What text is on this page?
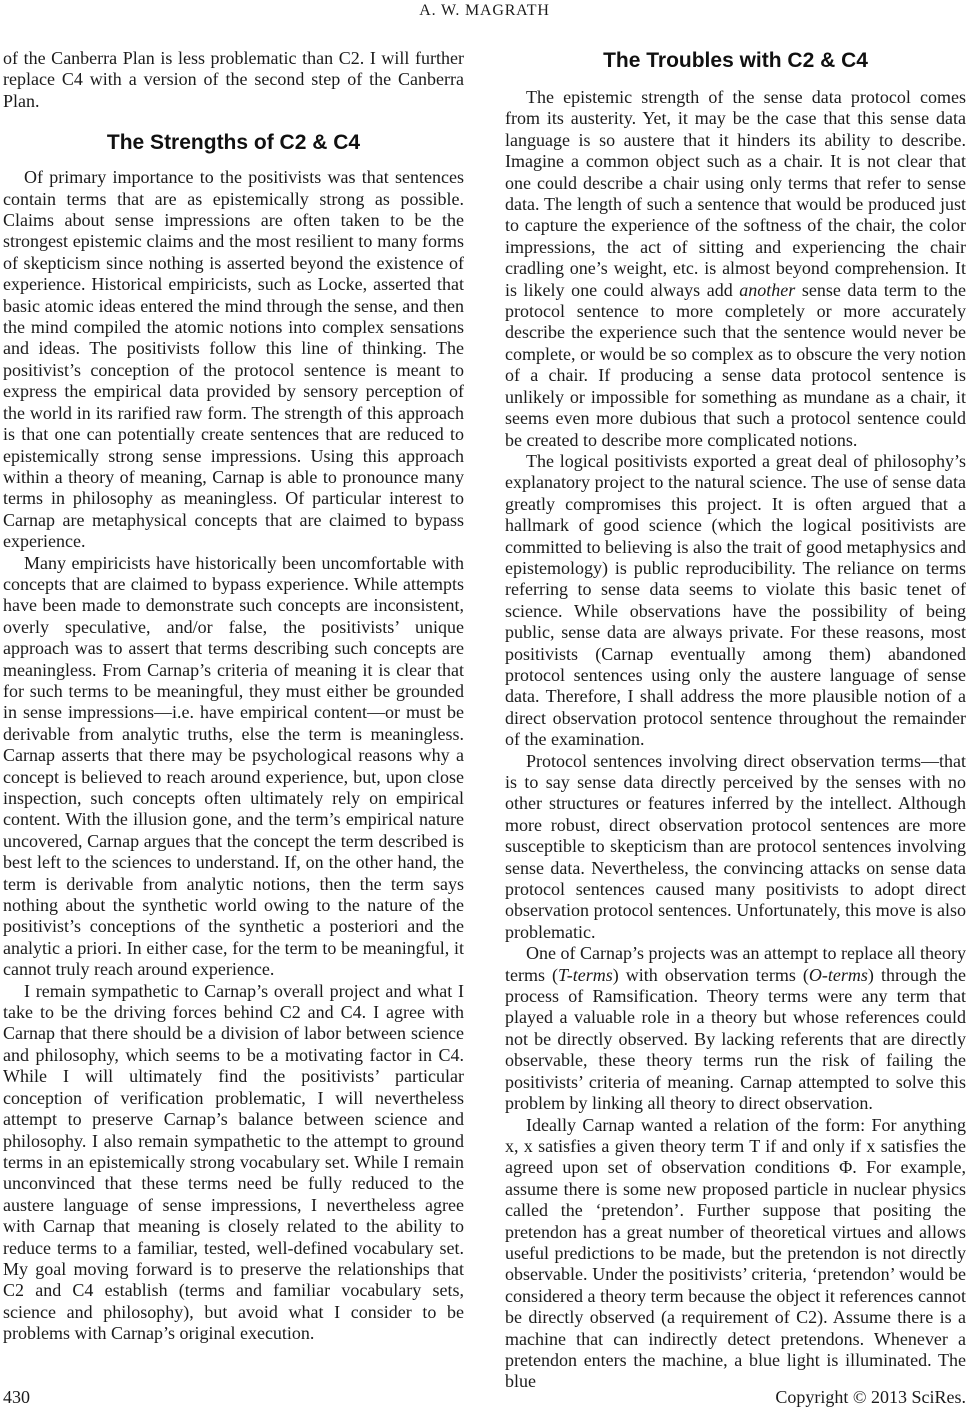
A. W. MAGRATH

of the Canberra Plan is less problematic than C2. I will further replace C4 with a version of the second step of the Canberra Plan.

The Strengths of C2 & C4

Of primary importance to the positivists was that sentences contain terms that are as epistemically strong as possible. Claims about sense impressions are often taken to be the strongest epistemic claims and the most resilient to many forms of skepticism since nothing is asserted beyond the existence of experience. Historical empiricists, such as Locke, asserted that basic atomic ideas entered the mind through the sense, and then the mind compiled the atomic notions into complex sensations and ideas. The positivists follow this line of thinking. The positivist’s conception of the protocol sentence is meant to express the empirical data provided by sensory perception of the world in its rarified raw form. The strength of this approach is that one can potentially create sentences that are reduced to epistemically strong sense impressions. Using this approach within a theory of meaning, Carnap is able to pronounce many terms in philosophy as meaningless. Of particular interest to Carnap are metaphysical concepts that are claimed to bypass experience.

Many empiricists have historically been uncomfortable with concepts that are claimed to bypass experience. While attempts have been made to demonstrate such concepts are inconsistent, overly speculative, and/or false, the positivists’ unique approach was to assert that terms describing such concepts are meaningless. From Carnap’s criteria of meaning it is clear that for such terms to be meaningful, they must either be grounded in sense impressions—i.e. have empirical content—or must be derivable from analytic truths, else the term is meaningless. Carnap asserts that there may be psychological reasons why a concept is believed to reach around experience, but, upon close inspection, such concepts often ultimately rely on empirical content. With the illusion gone, and the term’s empirical nature uncovered, Carnap argues that the concept the term described is best left to the sciences to understand. If, on the other hand, the term is derivable from analytic notions, then the term says nothing about the synthetic world owing to the nature of the positivist’s conceptions of the synthetic a posteriori and the analytic a priori. In either case, for the term to be meaningful, it cannot truly reach around experience.

I remain sympathetic to Carnap’s overall project and what I take to be the driving forces behind C2 and C4. I agree with Carnap that there should be a division of labor between science and philosophy, which seems to be a motivating factor in C4. While I will ultimately find the positivists’ particular conception of verification problematic, I will nevertheless attempt to preserve Carnap’s balance between science and philosophy. I also remain sympathetic to the attempt to ground terms in an epistemically strong vocabulary set. While I remain unconvinced that these terms need be fully reduced to the austere language of sense impressions, I nevertheless agree with Carnap that meaning is closely related to the ability to reduce terms to a familiar, tested, well-defined vocabulary set. My goal moving forward is to preserve the relationships that C2 and C4 establish (terms and familiar vocabulary sets, science and philosophy), but avoid what I consider to be problems with Carnap’s original execution.

The Troubles with C2 & C4

The epistemic strength of the sense data protocol comes from its austerity. Yet, it may be the case that this sense data language is so austere that it hinders its ability to describe. Imagine a common object such as a chair. It is not clear that one could describe a chair using only terms that refer to sense data. The length of such a sentence that would be produced just to capture the experience of the softness of the chair, the color impressions, the act of sitting and experiencing the chair cradling one’s weight, etc. is almost beyond comprehension. It is likely one could always add another sense data term to the protocol sentence to more completely or more accurately describe the experience such that the sentence would never be complete, or would be so complex as to obscure the very notion of a chair. If producing a sense data protocol sentence is unlikely or impossible for something as mundane as a chair, it seems even more dubious that such a protocol sentence could be created to describe more complicated notions.

The logical positivists exported a great deal of philosophy’s explanatory project to the natural science. The use of sense data greatly compromises this project. It is often argued that a hallmark of good science (which the logical positivists are committed to believing is also the trait of good metaphysics and epistemology) is public reproducibility. The reliance on terms referring to sense data seems to violate this basic tenet of science. While observations have the possibility of being public, sense data are always private. For these reasons, most positivists (Carnap eventually among them) abandoned protocol sentences using only the austere language of sense data. Therefore, I shall address the more plausible notion of a direct observation protocol sentence throughout the remainder of the examination.

Protocol sentences involving direct observation terms—that is to say sense data directly perceived by the senses with no other structures or features inferred by the intellect. Although more robust, direct observation protocol sentences are more susceptible to skepticism than are protocol sentences involving sense data. Nevertheless, the convincing attacks on sense data protocol sentences caused many positivists to adopt direct observation protocol sentences. Unfortunately, this move is also problematic.

One of Carnap’s projects was an attempt to replace all theory terms (T-terms) with observation terms (O-terms) through the process of Ramsification. Theory terms were any term that played a valuable role in a theory but whose references could not be directly observed. By lacking referents that are directly observable, these theory terms run the risk of failing the positivists’ criteria of meaning. Carnap attempted to solve this problem by linking all theory to direct observation.

Ideally Carnap wanted a relation of the form: For anything x, x satisfies a given theory term T if and only if x satisfies the agreed upon set of observation conditions Φ. For example, assume there is some new proposed particle in nuclear physics called the ‘pretendon’. Further suppose that positing the pretendon has a great number of theoretical virtues and allows useful predictions to be made, but the pretendon is not directly observable. Under the positivists’ criteria, ‘pretendon’ would be considered a theory term because the object it references cannot be directly observed (a requirement of C2). Assume there is a machine that can indirectly detect pretendons. Whenever a pretendon enters the machine, a blue light is illuminated. The blue

430	Copyright © 2013 SciRes.
